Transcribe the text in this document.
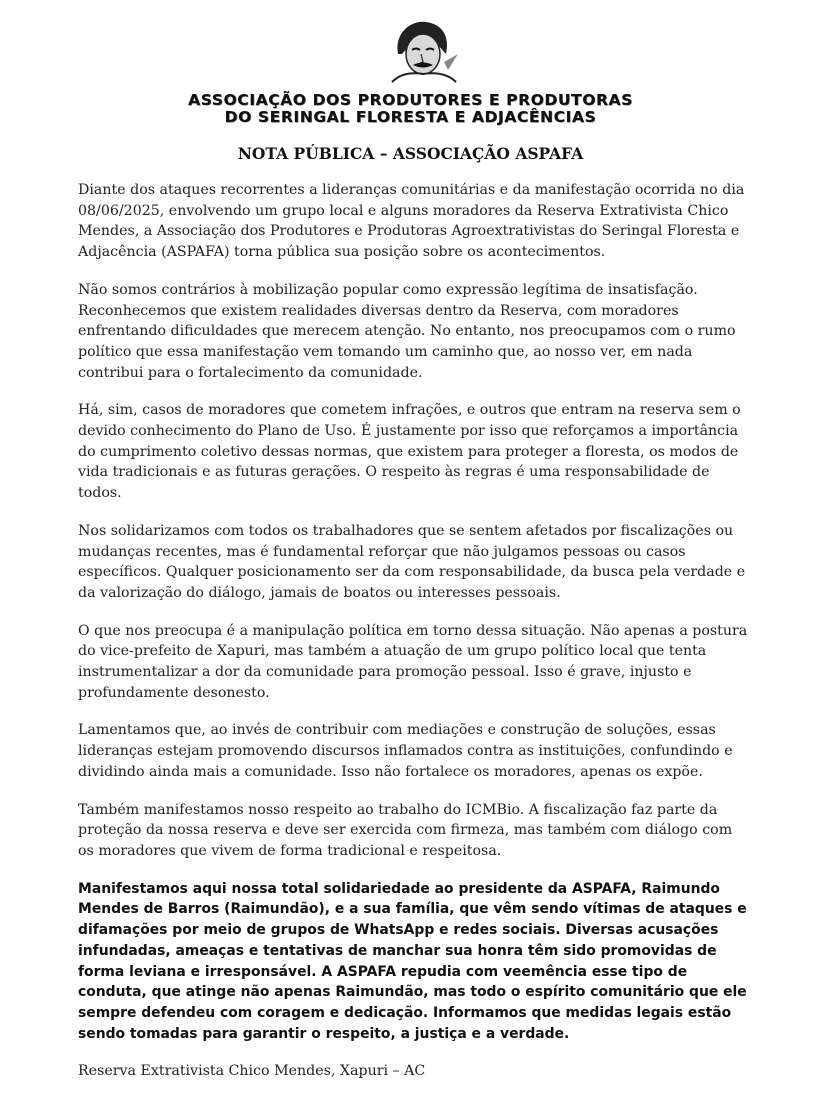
ASSOCIAÇÃO DOS PRODUTORES E PRODUTORAS
DO SERINGAL FLORESTA E ADJACÊNCIAS
NOTA PÚBLICA – ASSOCIAÇÃO ASPAFA

Diante dos ataques recorrentes a lideranças comunitárias e da manifestação ocorrida no dia 08/06/2025, envolvendo um grupo local e alguns moradores da Reserva Extrativista Chico Mendes, a Associação dos Produtores e Produtoras Agroextrativistas do Seringal Floresta e Adjacência (ASPAFA) torna pública sua posição sobre os acontecimentos.

Não somos contrários à mobilização popular como expressão legítima de insatisfação. Reconhecemos que existem realidades diversas dentro da Reserva, com moradores enfrentando dificuldades que merecem atenção. No entanto, nos preocupamos com o rumo político que essa manifestação vem tomando um caminho que, ao nosso ver, em nada contribui para o fortalecimento da comunidade.

Há, sim, casos de moradores que cometem infrações, e outros que entram na reserva sem o devido conhecimento do Plano de Uso. É justamente por isso que reforçamos a importância do cumprimento coletivo dessas normas, que existem para proteger a floresta, os modos de vida tradicionais e as futuras gerações. O respeito às regras é uma responsabilidade de todos.

Nos solidarizamos com todos os trabalhadores que se sentem afetados por fiscalizações ou mudanças recentes, mas é fundamental reforçar que não julgamos pessoas ou casos específicos. Qualquer posicionamento ser da com responsabilidade, da busca pela verdade e da valorização do diálogo, jamais de boatos ou interesses pessoais.

O que nos preocupa é a manipulação política em torno dessa situação. Não apenas a postura do vice-prefeito de Xapuri, mas também a atuação de um grupo político local que tenta instrumentalizar a dor da comunidade para promoção pessoal. Isso é grave, injusto e profundamente desonesto.

Lamentamos que, ao invés de contribuir com mediações e construção de soluções, essas lideranças estejam promovendo discursos inflamados contra as instituições, confundindo e dividindo ainda mais a comunidade. Isso não fortalece os moradores, apenas os expõe.

Também manifestamos nosso respeito ao trabalho do ICMBio. A fiscalização faz parte da proteção da nossa reserva e deve ser exercida com firmeza, mas também com diálogo com os moradores que vivem de forma tradicional e respeitosa.

Manifestamos aqui nossa total solidariedade ao presidente da ASPAFA, Raimundo Mendes de Barros (Raimundão), e a sua família, que vêm sendo vítimas de ataques e difamações por meio de grupos de WhatsApp e redes sociais. Diversas acusações infundadas, ameaças e tentativas de manchar sua honra têm sido promovidas de forma leviana e irresponsável. A ASPAFA repudia com veemência esse tipo de conduta, que atinge não apenas Raimundão, mas todo o espírito comunitário que ele sempre defendeu com coragem e dedicação. Informamos que medidas legais estão sendo tomadas para garantir o respeito, a justiça e a verdade.

Reserva Extrativista Chico Mendes, Xapuri – AC
